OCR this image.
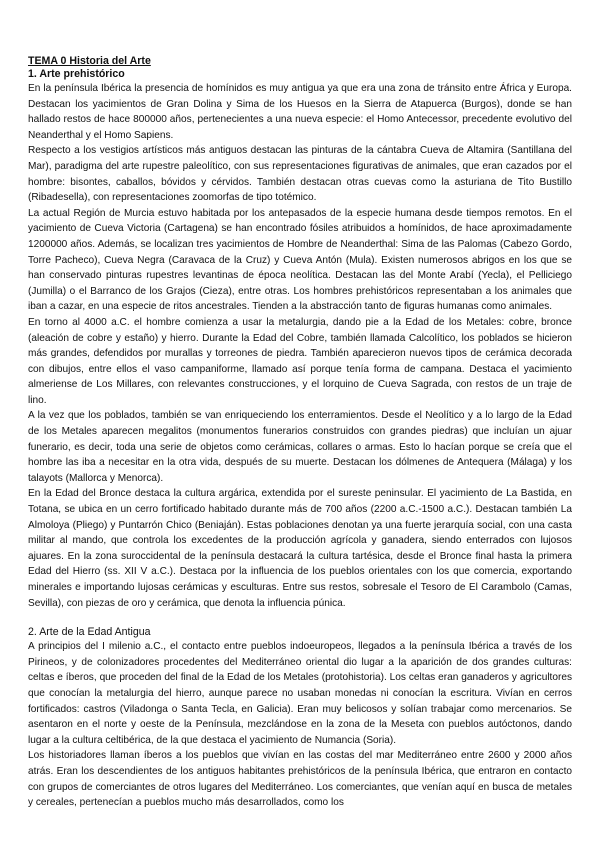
TEMA 0 Historia del Arte

1. Arte prehistórico

En la península Ibérica la presencia de homínidos es muy antigua ya que era una zona de tránsito entre África y Europa. Destacan los yacimientos de Gran Dolina y Sima de los Huesos en la Sierra de Atapuerca (Burgos), donde se han hallado restos de hace 800000 años, pertenecientes a una nueva especie: el Homo Antecessor, precedente evolutivo del Neanderthal y el Homo Sapiens.

Respecto a los vestigios artísticos más antiguos destacan las pinturas de la cántabra Cueva de Altamira (Santillana del Mar), paradigma del arte rupestre paleolítico, con sus representaciones figurativas de animales, que eran cazados por el hombre: bisontes, caballos, bóvidos y cérvidos. También destacan otras cuevas como la asturiana de Tito Bustillo (Ribadesella), con representaciones zoomorfas de tipo totémico.

La actual Región de Murcia estuvo habitada por los antepasados de la especie humana desde tiempos remotos. En el yacimiento de Cueva Victoria (Cartagena) se han encontrado fósiles atribuidos a homínidos, de hace aproximadamente 1200000 años. Además, se localizan tres yacimientos de Hombre de Neanderthal: Sima de las Palomas (Cabezo Gordo, Torre Pacheco), Cueva Negra (Caravaca de la Cruz) y Cueva Antón (Mula). Existen numerosos abrigos en los que se han conservado pinturas rupestres levantinas de época neolítica. Destacan las del Monte Arabí (Yecla), el Pelliciego (Jumilla) o el Barranco de los Grajos (Cieza), entre otras. Los hombres prehistóricos representaban a los animales que iban a cazar, en una especie de ritos ancestrales. Tienden a la abstracción tanto de figuras humanas como animales.

En torno al 4000 a.C. el hombre comienza a usar la metalurgia, dando pie a la Edad de los Metales: cobre, bronce (aleación de cobre y estaño) y hierro. Durante la Edad del Cobre, también llamada Calcolítico, los poblados se hicieron más grandes, defendidos por murallas y torreones de piedra. También aparecieron nuevos tipos de cerámica decorada con dibujos, entre ellos el vaso campaniforme, llamado así porque tenía forma de campana. Destaca el yacimiento almeriense de Los Millares, con relevantes construcciones, y el lorquino de Cueva Sagrada, con restos de un traje de lino.

A la vez que los poblados, también se van enriqueciendo los enterramientos. Desde el Neolítico y a lo largo de la Edad de los Metales aparecen megalitos (monumentos funerarios construidos con grandes piedras) que incluían un ajuar funerario, es decir, toda una serie de objetos como cerámicas, collares o armas. Esto lo hacían porque se creía que el hombre las iba a necesitar en la otra vida, después de su muerte. Destacan los dólmenes de Antequera (Málaga) y los talayots (Mallorca y Menorca).

En la Edad del Bronce destaca la cultura argárica, extendida por el sureste peninsular. El yacimiento de La Bastida, en Totana, se ubica en un cerro fortificado habitado durante más de 700 años (2200 a.C.-1500 a.C.). Destacan también La Almoloya (Pliego) y Puntarrón Chico (Beniaján). Estas poblaciones denotan ya una fuerte jerarquía social, con una casta militar al mando, que controla los excedentes de la producción agrícola y ganadera, siendo enterrados con lujosos ajuares. En la zona suroccidental de la península destacará la cultura tartésica, desde el Bronce final hasta la primera Edad del Hierro (ss. XII V a.C.). Destaca por la influencia de los pueblos orientales con los que comercia, exportando minerales e importando lujosas cerámicas y esculturas. Entre sus restos, sobresale el Tesoro de El Carambolo (Camas, Sevilla), con piezas de oro y cerámica, que denota la influencia púnica.

2. Arte de la Edad Antigua

A principios del I milenio a.C., el contacto entre pueblos indoeuropeos, llegados a la península Ibérica a través de los Pirineos, y de colonizadores procedentes del Mediterráneo oriental dio lugar a la aparición de dos grandes culturas: celtas e íberos, que proceden del final de la Edad de los Metales (protohistoria). Los celtas eran ganaderos y agricultores que conocían la metalurgia del hierro, aunque parece no usaban monedas ni conocían la escritura. Vivían en cerros fortificados: castros (Viladonga o Santa Tecla, en Galicia). Eran muy belicosos y solían trabajar como mercenarios. Se asentaron en el norte y oeste de la Península, mezclándose en la zona de la Meseta con pueblos autóctonos, dando lugar a la cultura celtibérica, de la que destaca el yacimiento de Numancia (Soria).

Los historiadores llaman íberos a los pueblos que vivían en las costas del mar Mediterráneo entre 2600 y 2000 años atrás. Eran los descendientes de los antiguos habitantes prehistóricos de la península Ibérica, que entraron en contacto con grupos de comerciantes de otros lugares del Mediterráneo. Los comerciantes, que venían aquí en busca de metales y cereales, pertenecían a pueblos mucho más desarrollados, como los
